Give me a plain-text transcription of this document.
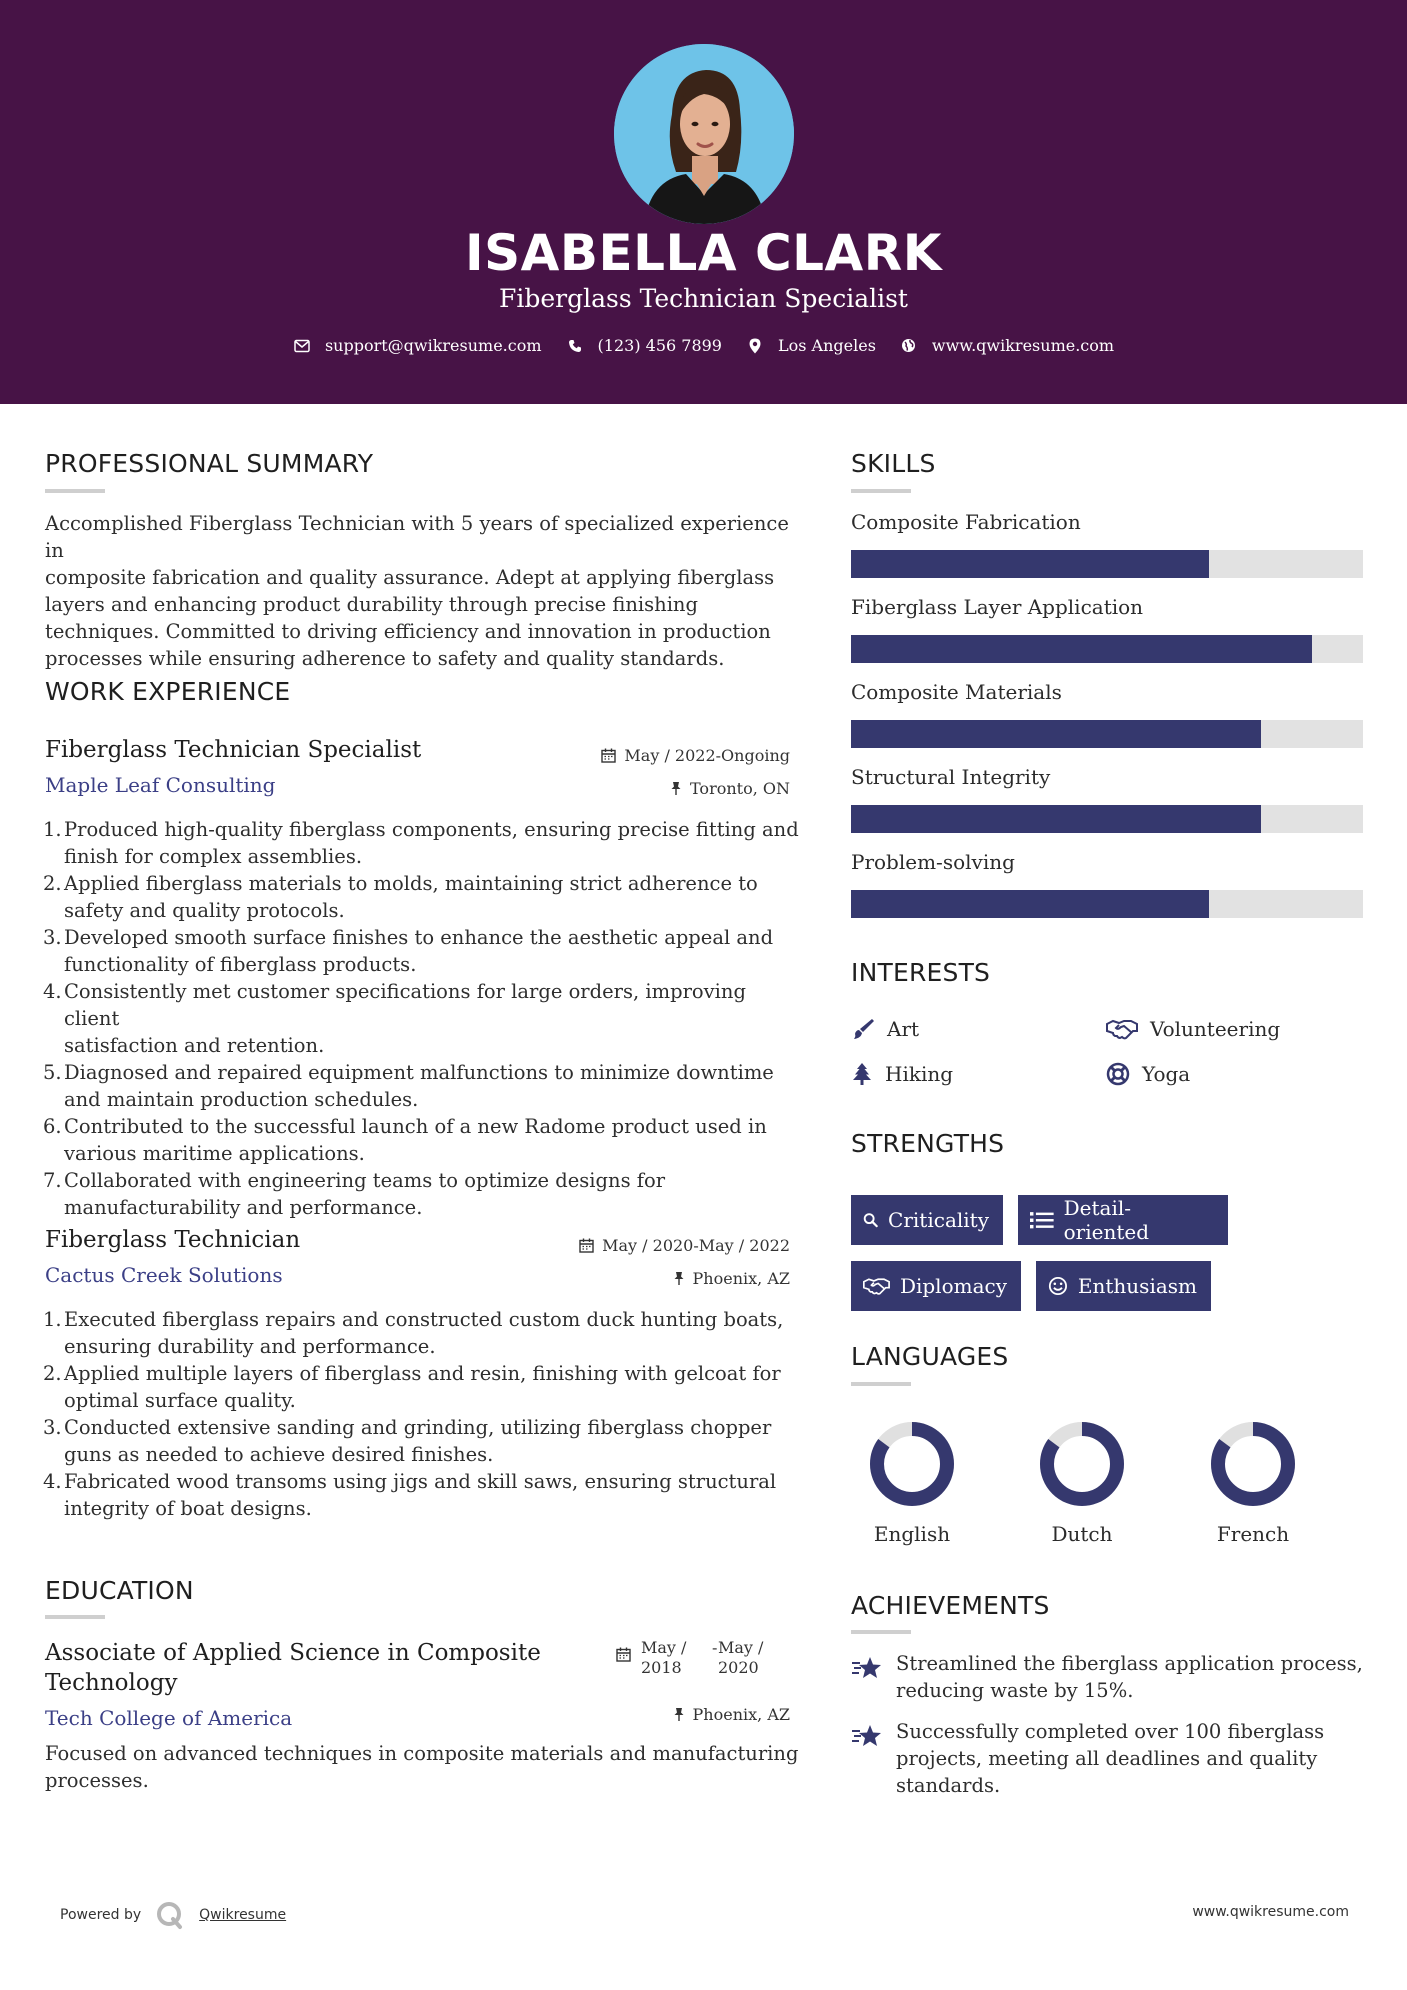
ISABELLA CLARK
Fiberglass Technician Specialist
support@qwikresume.com	(123) 456 7899	Los Angeles	www.qwikresume.com
PROFESSIONAL SUMMARY
Accomplished Fiberglass Technician with 5 years of specialized experience in
composite fabrication and quality assurance. Adept at applying fiberglass
layers and enhancing product durability through precise finishing
techniques. Committed to driving efficiency and innovation in production
processes while ensuring adherence to safety and quality standards.
WORK EXPERIENCE
Fiberglass Technician Specialist
Maple Leaf Consulting
May / 2022-Ongoing
Toronto, ON
1. Produced high-quality fiberglass components, ensuring precise fitting and
finish for complex assemblies.
2. Applied fiberglass materials to molds, maintaining strict adherence to
safety and quality protocols.
3. Developed smooth surface finishes to enhance the aesthetic appeal and
functionality of fiberglass products.
4. Consistently met customer specifications for large orders, improving client
satisfaction and retention.
5. Diagnosed and repaired equipment malfunctions to minimize downtime
and maintain production schedules.
6. Contributed to the successful launch of a new Radome product used in
various maritime applications.
7. Collaborated with engineering teams to optimize designs for
manufacturability and performance.
Fiberglass Technician
Cactus Creek Solutions
May / 2020-May / 2022
Phoenix, AZ
1. Executed fiberglass repairs and constructed custom duck hunting boats,
ensuring durability and performance.
2. Applied multiple layers of fiberglass and resin, finishing with gelcoat for
optimal surface quality.
3. Conducted extensive sanding and grinding, utilizing fiberglass chopper
guns as needed to achieve desired finishes.
4. Fabricated wood transoms using jigs and skill saws, ensuring structural
integrity of boat designs.
EDUCATION
Associate of Applied Science in Composite
Technology
Tech College of America
May /
2018
- May /
2020
Phoenix, AZ
Focused on advanced techniques in composite materials and manufacturing
processes.
SKILLS
Composite Fabrication
Fiberglass Layer Application
Composite Materials
Structural Integrity
Problem-solving
INTERESTS
Art	Volunteering
Hiking	Yoga
STRENGTHS
Criticality	Detail-oriented
Diplomacy	Enthusiasm
LANGUAGES
English	Dutch	French
ACHIEVEMENTS
Streamlined the fiberglass application process,
reducing waste by 15%.
Successfully completed over 100 fiberglass
projects, meeting all deadlines and quality
standards.
Powered by	Qwikresume	www.qwikresume.com
